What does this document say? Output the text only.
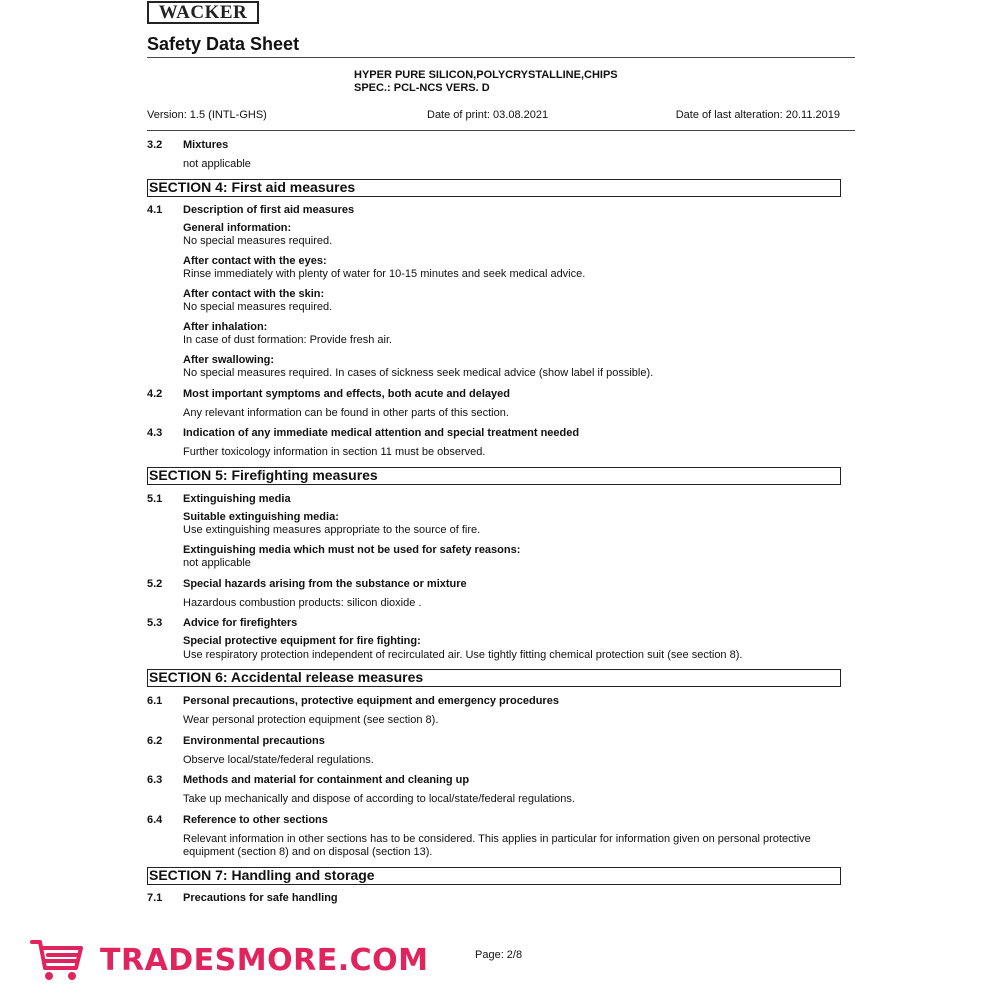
WACKER
Safety Data Sheet
HYPER PURE SILICON,POLYCRYSTALLINE,CHIPS
SPEC.: PCL-NCS VERS. D
Version: 1.5 (INTL-GHS)	Date of print: 03.08.2021	Date of last alteration: 20.11.2019
3.2	Mixtures
not applicable
SECTION 4: First aid measures
4.1	Description of first aid measures
General information:
No special measures required.
After contact with the eyes:
Rinse immediately with plenty of water for 10-15 minutes and seek medical advice.
After contact with the skin:
No special measures required.
After inhalation:
In case of dust formation: Provide fresh air.
After swallowing:
No special measures required. In cases of sickness seek medical advice (show label if possible).
4.2	Most important symptoms and effects, both acute and delayed
Any relevant information can be found in other parts of this section.
4.3	Indication of any immediate medical attention and special treatment needed
Further toxicology information in section 11 must be observed.
SECTION 5: Firefighting measures
5.1	Extinguishing media
Suitable extinguishing media:
Use extinguishing measures appropriate to the source of fire.
Extinguishing media which must not be used for safety reasons:
not applicable
5.2	Special hazards arising from the substance or mixture
Hazardous combustion products: silicon dioxide .
5.3	Advice for firefighters
Special protective equipment for fire fighting:
Use respiratory protection independent of recirculated air. Use tightly fitting chemical protection suit (see section 8).
SECTION 6: Accidental release measures
6.1	Personal precautions, protective equipment and emergency procedures
Wear personal protection equipment (see section 8).
6.2	Environmental precautions
Observe local/state/federal regulations.
6.3	Methods and material for containment and cleaning up
Take up mechanically and dispose of according to local/state/federal regulations.
6.4	Reference to other sections
Relevant information in other sections has to be considered. This applies in particular for information given on personal protective equipment (section 8) and on disposal (section 13).
SECTION 7: Handling and storage
7.1	Precautions for safe handling
TRADESMORE.COM	Page: 2/8
